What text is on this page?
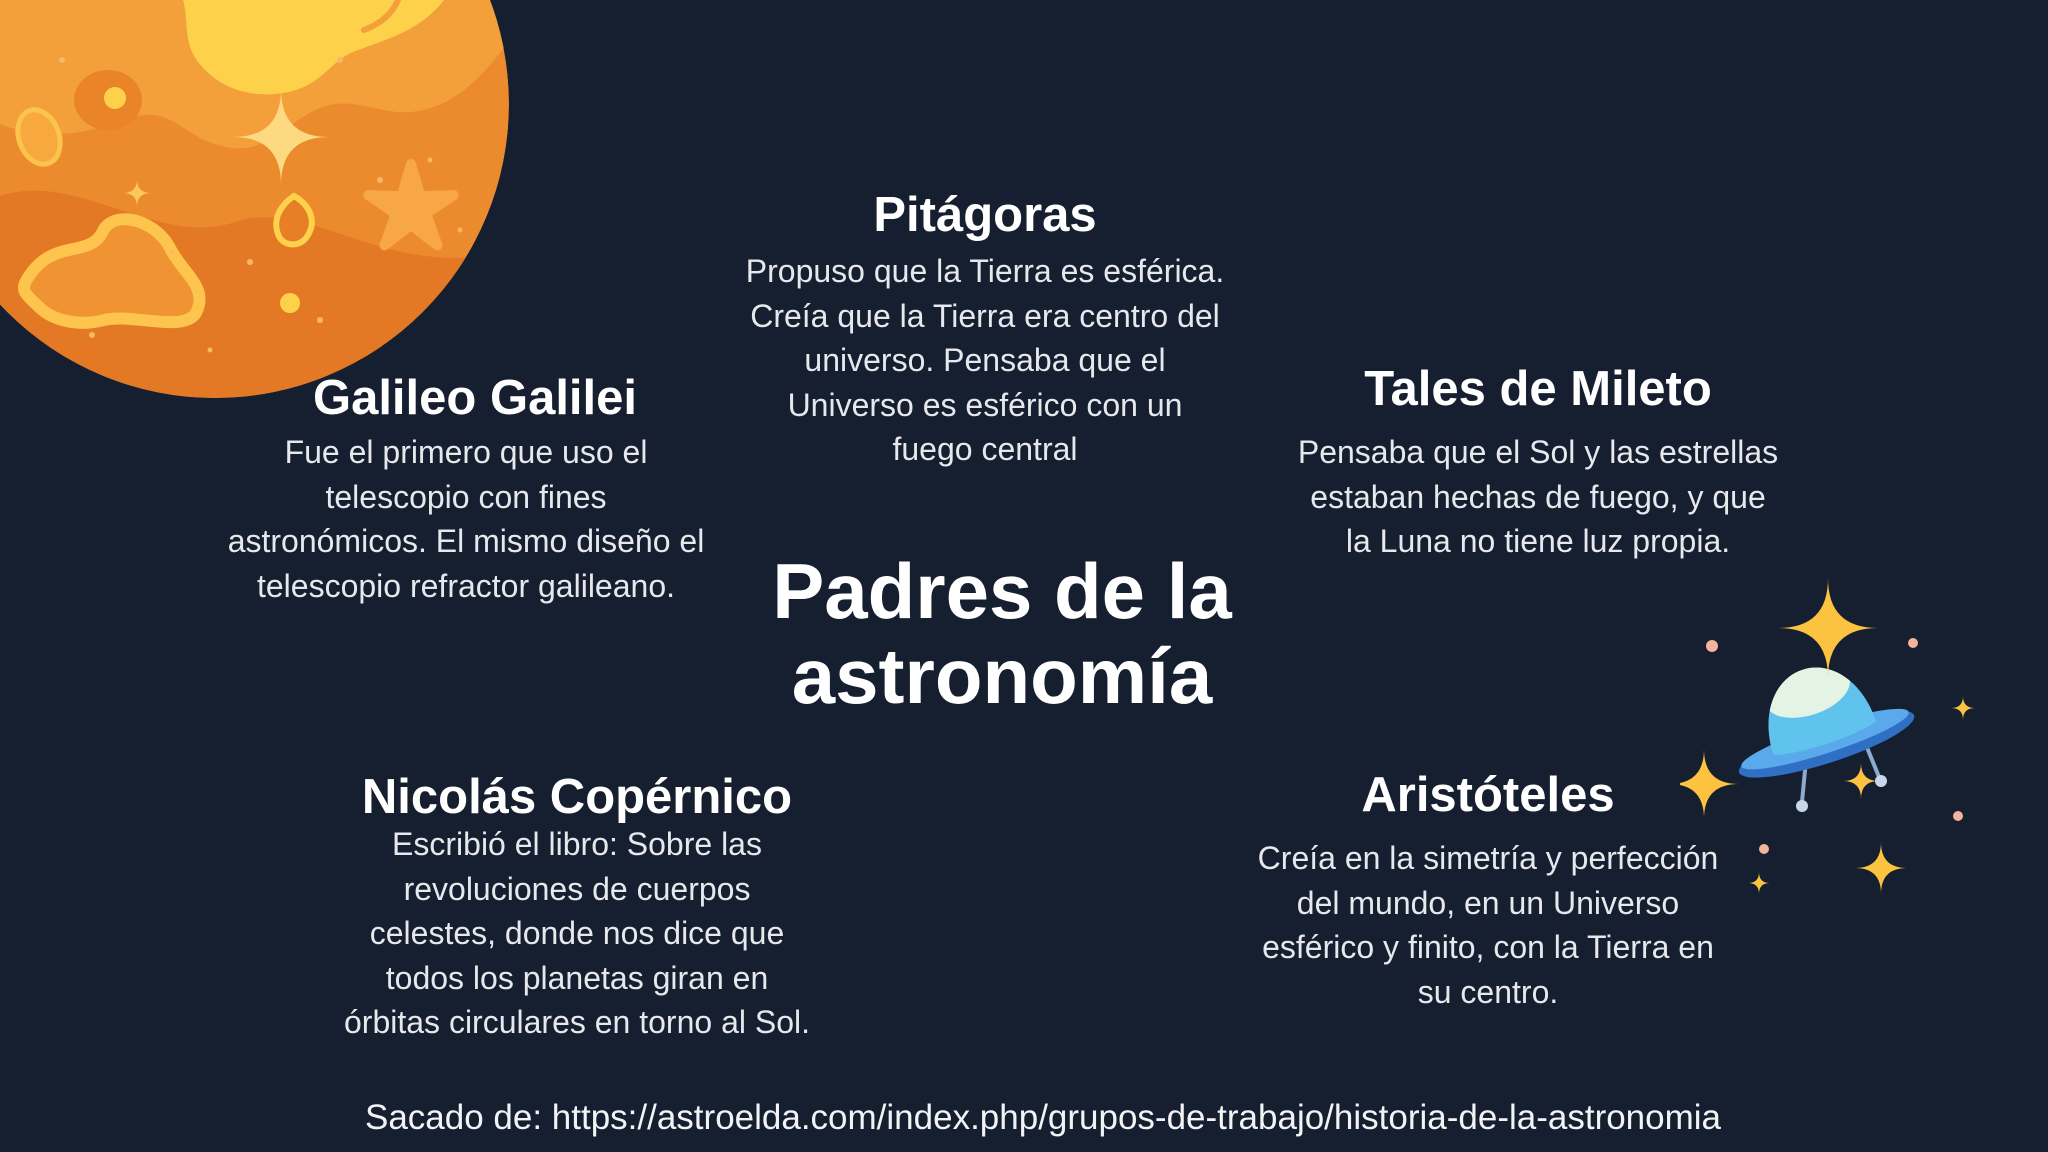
Pitágoras
Propuso que la Tierra es esférica.
Creía que la Tierra era centro del
universo. Pensaba que el
Universo es esférico con un
fuego central
Galileo Galilei
Fue el primero que uso el
telescopio con fines
astronómicos. El mismo diseño el
telescopio refractor galileano.
Tales de Mileto
Pensaba que el Sol y las estrellas
estaban hechas de fuego, y que
la Luna no tiene luz propia.
Padres de la
astronomía
Nicolás Copérnico
Escribió el libro: Sobre las
revoluciones de cuerpos
celestes, donde nos dice que
todos los planetas giran en
órbitas circulares en torno al Sol.
Aristóteles
Creía en la simetría y perfección
del mundo, en un Universo
esférico y finito, con la Tierra en
su centro.
Sacado de: https://astroelda.com/index.php/grupos-de-trabajo/historia-de-la-astronomia
